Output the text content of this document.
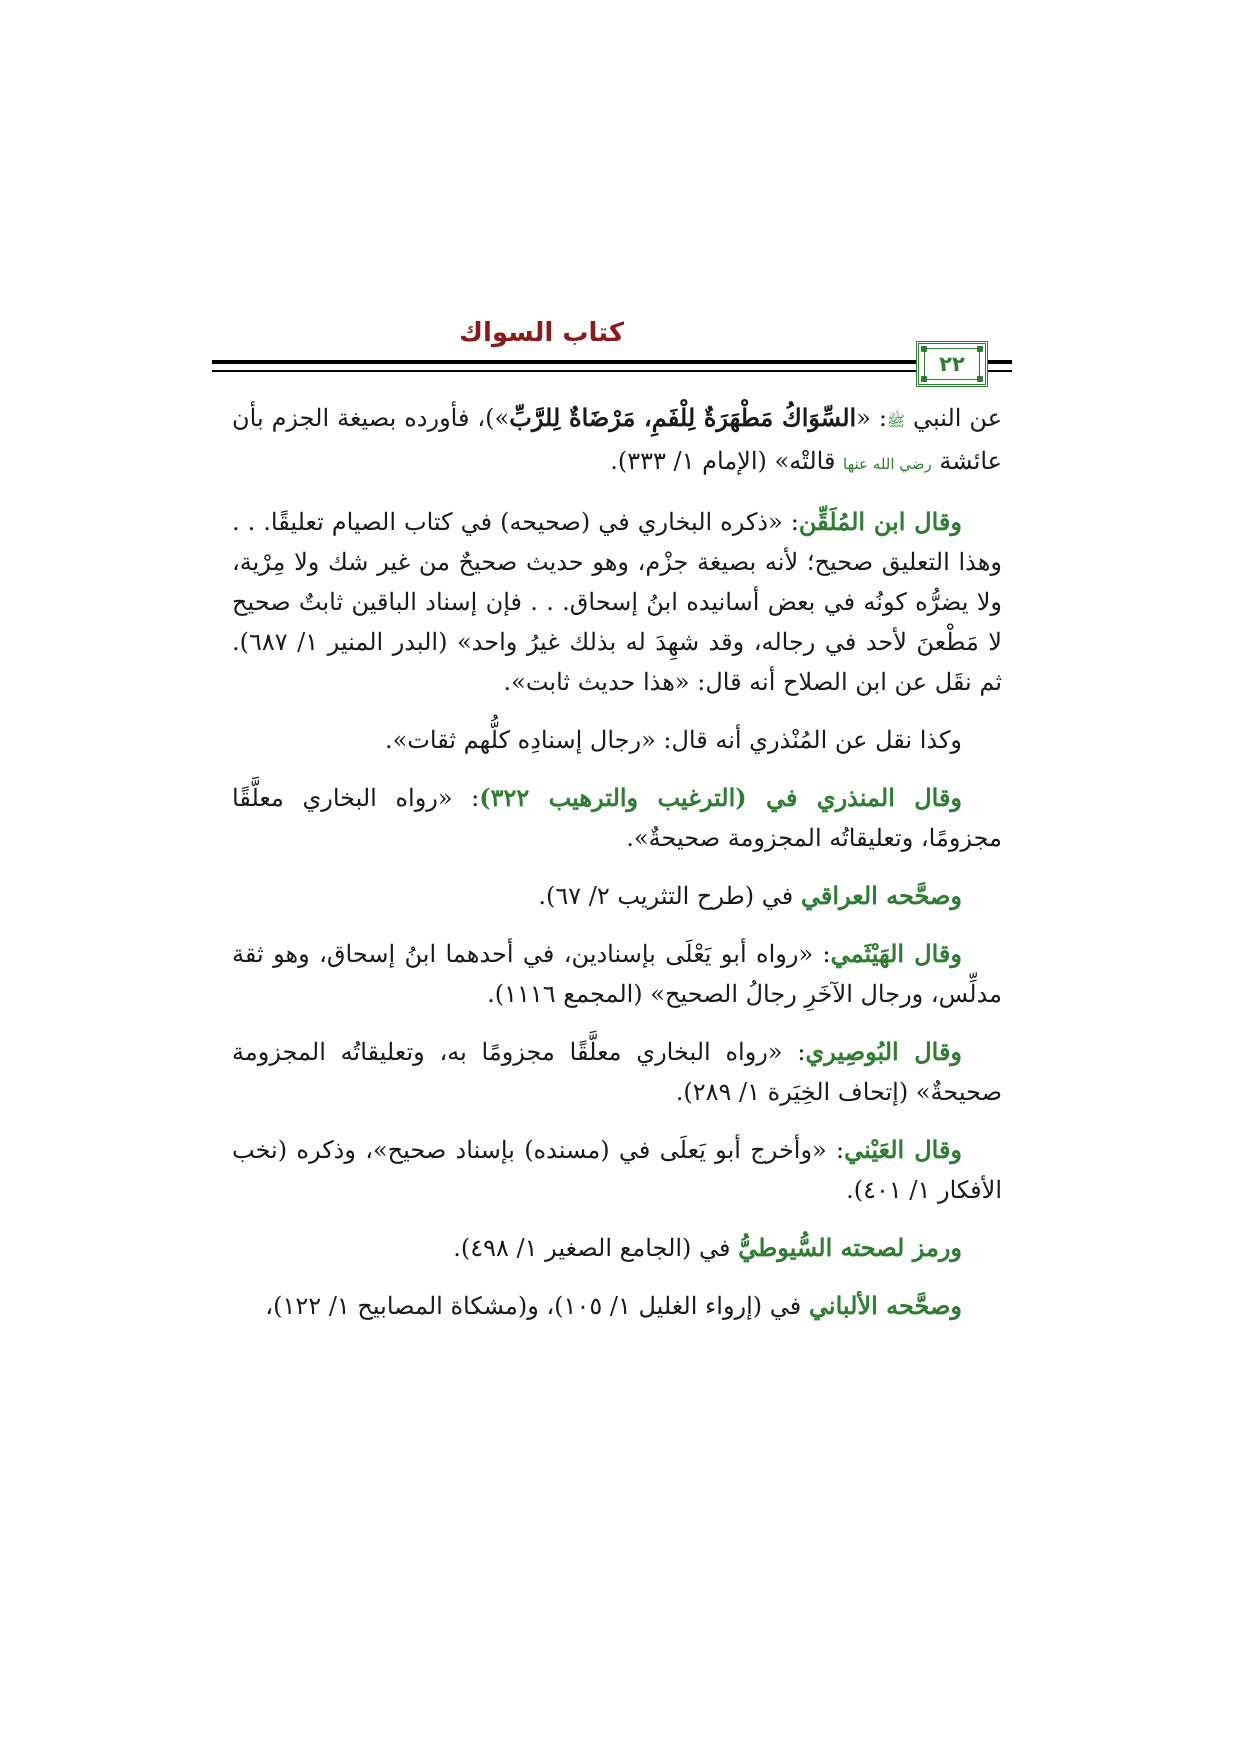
كتاب السواك
٢٢

عن النبي ﷺ: «السِّوَاكُ مَطْهَرَةٌ لِلْفَمِ، مَرْضَاةٌ لِلرَّبِّ»)، فأورده بصيغة الجزم بأن عائشة رضي الله عنها قالتْه» (الإمام ١/ ٣٣٣).

وقال ابن المُلَقِّن: «ذكره البخاري في (صحيحه) في كتاب الصيام تعليقًا. . . وهذا التعليق صحيح؛ لأنه بصيغة جزْم، وهو حديث صحيحٌ من غير شك ولا مِرْية، ولا يضرُّه كونُه في بعض أسانيده ابنُ إسحاق. . . فإن إسناد الباقين ثابتٌ صحيح لا مَطْعنَ لأحد في رجاله، وقد شهِدَ له بذلك غيرُ واحد» (البدر المنير ١/ ٦٨٧). ثم نقَل عن ابن الصلاح أنه قال: «هذا حديث ثابت».

وكذا نقل عن المُنْذري أنه قال: «رجال إسنادِه كلُّهم ثقات».

وقال المنذري في (الترغيب والترهيب ٣٢٢): «رواه البخاري معلَّقًا مجزومًا، وتعليقاتُه المجزومة صحيحةٌ».

وصحَّحه العراقي في (طرح التثريب ٢/ ٦٧).

وقال الهَيْثَمي: «رواه أبو يَعْلَى بإسنادين، في أحدهما ابنُ إسحاق، وهو ثقة مدلِّس، ورجال الآخَرِ رجالُ الصحيح» (المجمع ١١١٦).

وقال البُوصِيري: «رواه البخاري معلَّقًا مجزومًا به، وتعليقاتُه المجزومة صحيحةٌ» (إتحاف الخِيَرة ١/ ٢٨٩).

وقال العَيْني: «وأخرج أبو يَعلَى في (مسنده) بإسناد صحيح»، وذكره (نخب الأفكار ١/ ٤٠١).

ورمز لصحته السُّيوطيُّ في (الجامع الصغير ١/ ٤٩٨).

وصحَّحه الألباني في (إرواء الغليل ١/ ١٠٥)، و(مشكاة المصابيح ١/ ١٢٢)،
